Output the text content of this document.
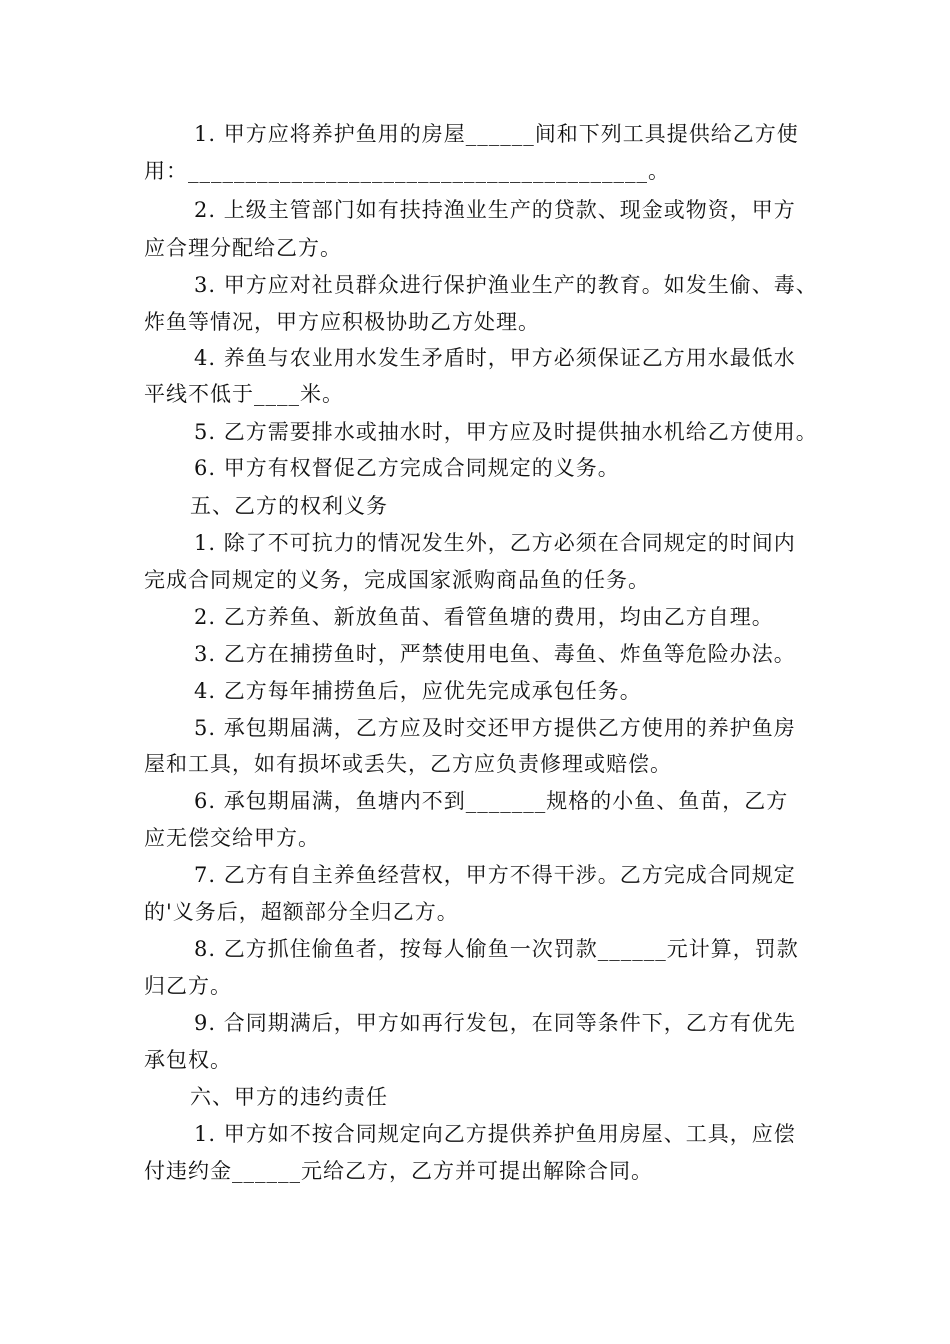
1. 甲方应将养护鱼用的房屋______间和下列工具提供给乙方使
用：________________________________________。
2. 上级主管部门如有扶持渔业生产的贷款、现金或物资，甲方
应合理分配给乙方。
3. 甲方应对社员群众进行保护渔业生产的教育。如发生偷、毒、
炸鱼等情况，甲方应积极协助乙方处理。
4. 养鱼与农业用水发生矛盾时，甲方必须保证乙方用水最低水
平线不低于____米。
5. 乙方需要排水或抽水时，甲方应及时提供抽水机给乙方使用。
6. 甲方有权督促乙方完成合同规定的义务。
五、乙方的权利义务
1. 除了不可抗力的情况发生外，乙方必须在合同规定的时间内
完成合同规定的义务，完成国家派购商品鱼的任务。
2. 乙方养鱼、新放鱼苗、看管鱼塘的费用，均由乙方自理。
3. 乙方在捕捞鱼时，严禁使用电鱼、毒鱼、炸鱼等危险办法。
4. 乙方每年捕捞鱼后，应优先完成承包任务。
5. 承包期届满，乙方应及时交还甲方提供乙方使用的养护鱼房
屋和工具，如有损坏或丢失，乙方应负责修理或赔偿。
6. 承包期届满，鱼塘内不到_______规格的小鱼、鱼苗，乙方
应无偿交给甲方。
7. 乙方有自主养鱼经营权，甲方不得干涉。乙方完成合同规定
的'义务后，超额部分全归乙方。
8. 乙方抓住偷鱼者，按每人偷鱼一次罚款______元计算，罚款
归乙方。
9. 合同期满后，甲方如再行发包，在同等条件下，乙方有优先
承包权。
六、甲方的违约责任
1. 甲方如不按合同规定向乙方提供养护鱼用房屋、工具，应偿
付违约金______元给乙方，乙方并可提出解除合同。
